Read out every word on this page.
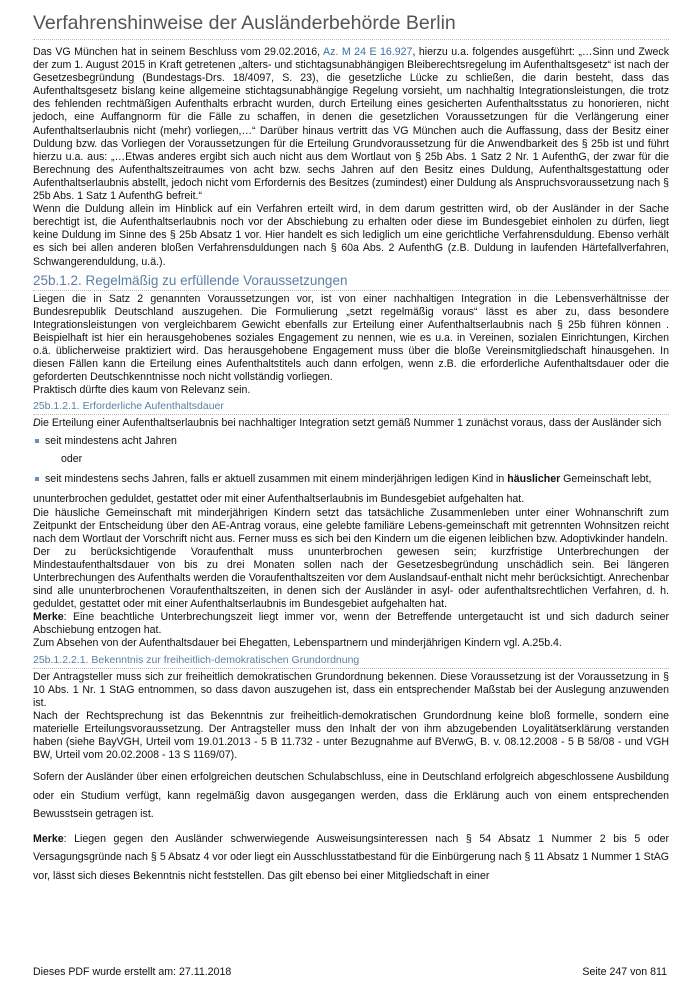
Verfahrenshinweise der Ausländerbehörde Berlin

Das VG München hat in seinem Beschluss vom 29.02.2016, Az. M 24 E 16.927, hierzu u.a. folgendes ausgeführt: „…Sinn und Zweck der zum 1. August 2015 in Kraft getretenen „alters- und stichtagsunabhängigen Bleiberechtsregelung im Aufenthaltsgesetz“ ist nach der Gesetzesbegründung (Bundestags-Drs. 18/4097, S. 23), die gesetzliche Lücke zu schließen, die darin besteht, dass das Aufenthaltsgesetz bislang keine allgemeine stichtagsunabhängige Regelung vorsieht, um nachhaltig Integrationsleistungen, die trotz des fehlenden rechtmäßigen Aufenthalts erbracht wurden, durch Erteilung eines gesicherten Aufenthaltsstatus zu honorieren, nicht jedoch, eine Auffangnorm für die Fälle zu schaffen, in denen die gesetzlichen Voraussetzungen für die Verlängerung einer Aufenthaltserlaubnis nicht (mehr) vorliegen,…“ Darüber hinaus vertritt das VG München auch die Auffassung, dass der Besitz einer Duldung bzw. das Vorliegen der Voraussetzungen für die Erteilung Grundvoraussetzung für die Anwendbarkeit des § 25b ist und führt hierzu u.a. aus: „…Etwas anderes ergibt sich auch nicht aus dem Wortlaut von § 25b Abs. 1 Satz 2 Nr. 1 AufenthG, der zwar für die Berechnung des Aufenthaltszeitraumes von acht bzw. sechs Jahren auf den Besitz eines Duldung, Aufenthaltsgestattung oder Aufenthaltserlaubnis abstellt, jedoch nicht vom Erfordernis des Besitzes (zumindest) einer Duldung als Anspruchsvoraussetzung nach § 25b Abs. 1 Satz 1 AufenthG befreit.“

Wenn die Duldung allein im Hinblick auf ein Verfahren erteilt wird, in dem darum gestritten wird, ob der Ausländer in der Sache berechtigt ist, die Aufenthaltserlaubnis noch vor der Abschiebung zu erhalten oder diese im Bundesgebiet einholen zu dürfen, liegt keine Duldung im Sinne des § 25b Absatz 1 vor. Hier handelt es sich lediglich um eine gerichtliche Verfahrensduldung. Ebenso verhält es sich bei allen anderen bloßen Verfahrensduldungen nach § 60a Abs. 2 AufenthG (z.B. Duldung in laufenden Härtefallverfahren, Schwangerenduldung, u.ä.).

25b.1.2. Regelmäßig zu erfüllende Voraussetzungen

Liegen die in Satz 2 genannten Voraussetzungen vor, ist von einer nachhaltigen Integration in die Lebensverhältnisse der Bundesrepublik Deutschland auszugehen. Die Formulierung „setzt regelmäßig voraus“ lässt es aber zu, dass besondere Integrationsleistungen von vergleichbarem Gewicht ebenfalls zur Erteilung einer Aufenthaltserlaubnis nach § 25b führen können . Beispielhaft ist hier ein herausgehobenes soziales Engagement zu nennen, wie es u.a. in Vereinen, sozialen Einrichtungen, Kirchen o.ä. üblicherweise praktiziert wird. Das herausgehobene Engagement muss über die bloße Vereinsmitgliedschaft hinausgehen. In diesen Fällen kann die Erteilung eines Aufenthaltstitels auch dann erfolgen, wenn z.B. die erforderliche Aufenthaltsdauer oder die geforderten Deutschkenntnisse noch nicht vollständig vorliegen.

Praktisch dürfte dies kaum von Relevanz sein.

25b.1.2.1. Erforderliche Aufenthaltsdauer

Die Erteilung einer Aufenthaltserlaubnis bei nachhaltiger Integration setzt gemäß Nummer 1 zunächst voraus, dass der Ausländer sich

seit mindestens acht Jahren
oder
seit mindestens sechs Jahren, falls er aktuell zusammen mit einem minderjährigen ledigen Kind in häuslicher Gemeinschaft lebt,

ununterbrochen geduldet, gestattet oder mit einer Aufenthaltserlaubnis im Bundesgebiet aufgehalten hat.

Die häusliche Gemeinschaft mit minderjährigen Kindern setzt das tatsächliche Zusammenleben unter einer Wohnanschrift zum Zeitpunkt der Entscheidung über den AE-Antrag voraus, eine gelebte familiäre Lebens-gemeinschaft mit getrennten Wohnsitzen reicht nach dem Wortlaut der Vorschrift nicht aus. Ferner muss es sich bei den Kindern um die eigenen leiblichen bzw. Adoptivkinder handeln.

Der zu berücksichtigende Voraufenthalt muss ununterbrochen gewesen sein; kurzfristige Unterbrechungen der Mindestaufenthaltsdauer von bis zu drei Monaten sollen nach der Gesetzesbegründung unschädlich sein. Bei längeren Unterbrechungen des Aufenthalts werden die Voraufenthaltszeiten vor dem Auslandsauf-enthalt nicht mehr berücksichtigt. Anrechenbar sind alle ununterbrochenen Voraufenthaltszeiten, in denen sich der Ausländer in asyl- oder aufenthaltsrechtlichen Verfahren, d. h. geduldet, gestattet oder mit einer Aufenthaltserlaubnis im Bundesgebiet aufgehalten hat.

Merke: Eine beachtliche Unterbrechungszeit liegt immer vor, wenn der Betreffende untergetaucht ist und sich dadurch seiner Abschiebung entzogen hat.

Zum Absehen von der Aufenthaltsdauer bei Ehegatten, Lebenspartnern und minderjährigen Kindern vgl. A.25b.4.

25b.1.2.2.1. Bekenntnis zur freiheitlich-demokratischen Grundordnung

Der Antragsteller muss sich zur freiheitlich demokratischen Grundordnung bekennen. Diese Voraussetzung ist der Voraussetzung in § 10 Abs. 1 Nr. 1 StAG entnommen, so dass davon auszugehen ist, dass ein entsprechender Maßstab bei der Auslegung anzuwenden ist.

Nach der Rechtsprechung ist das Bekenntnis zur freiheitlich-demokratischen Grundordnung keine bloß formelle, sondern eine materielle Erteilungsvoraussetzung. Der Antragsteller muss den Inhalt der von ihm abzugebenden Loyalitätserklärung verstanden haben (siehe BayVGH, Urteil vom 19.01.2013 - 5 B 11.732 - unter Bezugnahme auf BVerwG, B. v. 08.12.2008 - 5 B 58/08 - und VGH BW, Urteil vom 20.02.2008 - 13 S 1169/07).

Sofern der Ausländer über einen erfolgreichen deutschen Schulabschluss, eine in Deutschland erfolgreich abgeschlossene Ausbildung oder ein Studium verfügt, kann regelmäßig davon ausgegangen werden, dass die Erklärung auch von einem entsprechenden Bewusstsein getragen ist.

Merke: Liegen gegen den Ausländer schwerwiegende Ausweisungsinteressen nach § 54 Absatz 1 Nummer 2 bis 5 oder Versagungsgründe nach § 5 Absatz 4 vor oder liegt ein Ausschlusstatbestand für die Einbürgerung nach § 11 Absatz 1 Nummer 1 StAG vor, lässt sich dieses Bekenntnis nicht feststellen. Das gilt ebenso bei einer Mitgliedschaft in einer

Dieses PDF wurde erstellt am: 27.11.2018	Seite 247 von 811
